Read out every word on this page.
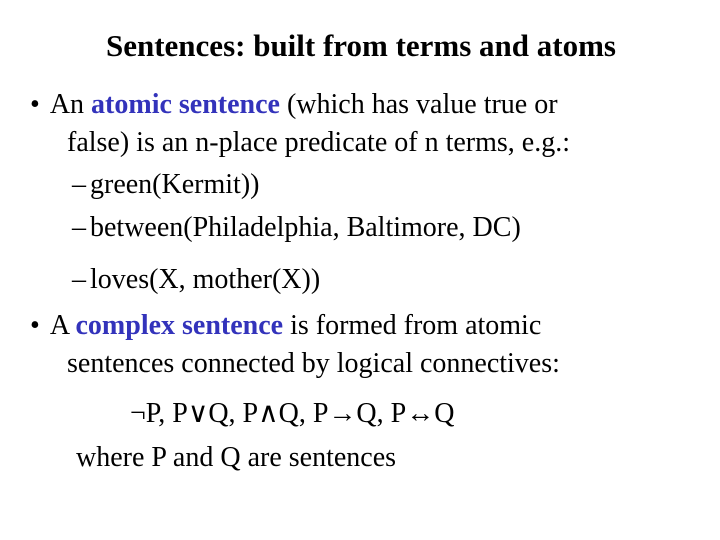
Sentences: built from terms and atoms
• An atomic sentence (which has value true or
false) is an n-place predicate of n terms, e.g.:
– green(Kermit))
– between(Philadelphia, Baltimore, DC)
– loves(X, mother(X))
• A complex sentence is formed from atomic
sentences connected by logical connectives:
¬P, P∨Q, P∧Q, P→Q, P↔Q
where P and Q are sentences
